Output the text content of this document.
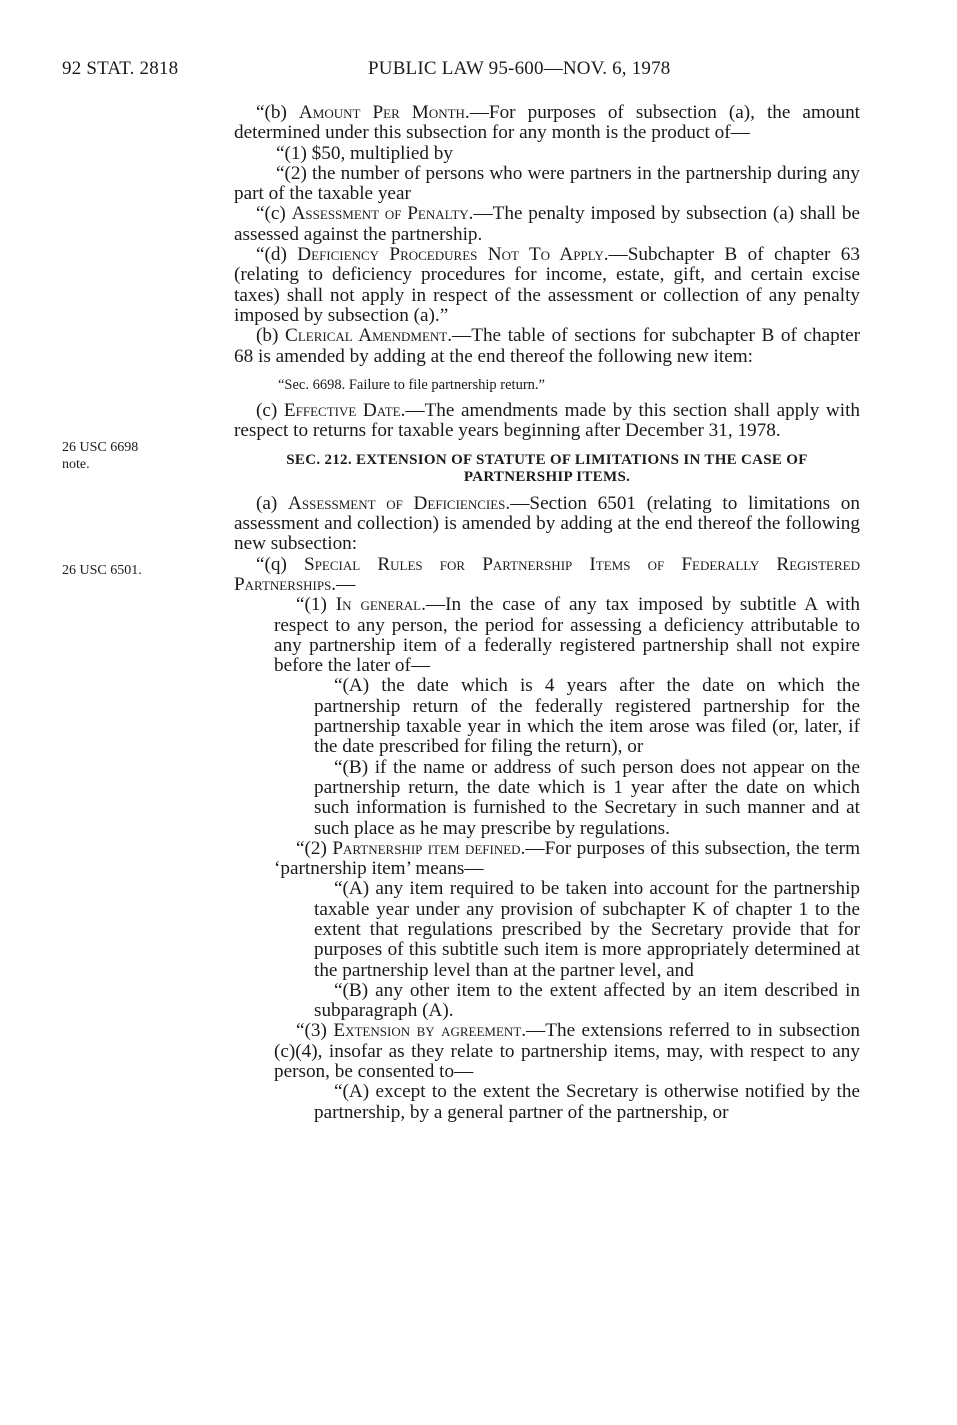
92 STAT. 2818	PUBLIC LAW 95-600—NOV. 6, 1978
26 USC 6698
note.
26 USC 6501.

“(b) Amount Per Month.—For purposes of subsection (a), the amount determined under this subsection for any month is the product of—

“(1) $50, multiplied by

“(2) the number of persons who were partners in the partnership during any part of the taxable year

“(c) Assessment of Penalty.—The penalty imposed by subsection (a) shall be assessed against the partnership.

“(d) Deficiency Procedures Not To Apply.—Subchapter B of chapter 63 (relating to deficiency procedures for income, estate, gift, and certain excise taxes) shall not apply in respect of the assessment or collection of any penalty imposed by subsection (a).”

(b) Clerical Amendment.—The table of sections for subchapter B of chapter 68 is amended by adding at the end thereof the following new item:

“Sec. 6698. Failure to file partnership return.”

(c) Effective Date.—The amendments made by this section shall apply with respect to returns for taxable years beginning after December 31, 1978.

SEC. 212. EXTENSION OF STATUTE OF LIMITATIONS IN THE CASE OF
PARTNERSHIP ITEMS.

(a) Assessment of Deficiencies.—Section 6501 (relating to limitations on assessment and collection) is amended by adding at the end thereof the following new subsection:

“(q) Special Rules for Partnership Items of Federally Registered Partnerships.—

“(1) In general.—In the case of any tax imposed by subtitle A with respect to any person, the period for assessing a deficiency attributable to any partnership item of a federally registered partnership shall not expire before the later of—

“(A) the date which is 4 years after the date on which the partnership return of the federally registered partnership for the partnership taxable year in which the item arose was filed (or, later, if the date prescribed for filing the return), or

“(B) if the name or address of such person does not appear on the partnership return, the date which is 1 year after the date on which such information is furnished to the Secretary in such manner and at such place as he may prescribe by regulations.

“(2) Partnership item defined.—For purposes of this subsection, the term ‘partnership item’ means—

“(A) any item required to be taken into account for the partnership taxable year under any provision of subchapter K of chapter 1 to the extent that regulations prescribed by the Secretary provide that for purposes of this subtitle such item is more appropriately determined at the partnership level than at the partner level, and

“(B) any other item to the extent affected by an item described in subparagraph (A).

“(3) Extension by agreement.—The extensions referred to in subsection (c)(4), insofar as they relate to partnership items, may, with respect to any person, be consented to—

“(A) except to the extent the Secretary is otherwise notified by the partnership, by a general partner of the partnership, or
